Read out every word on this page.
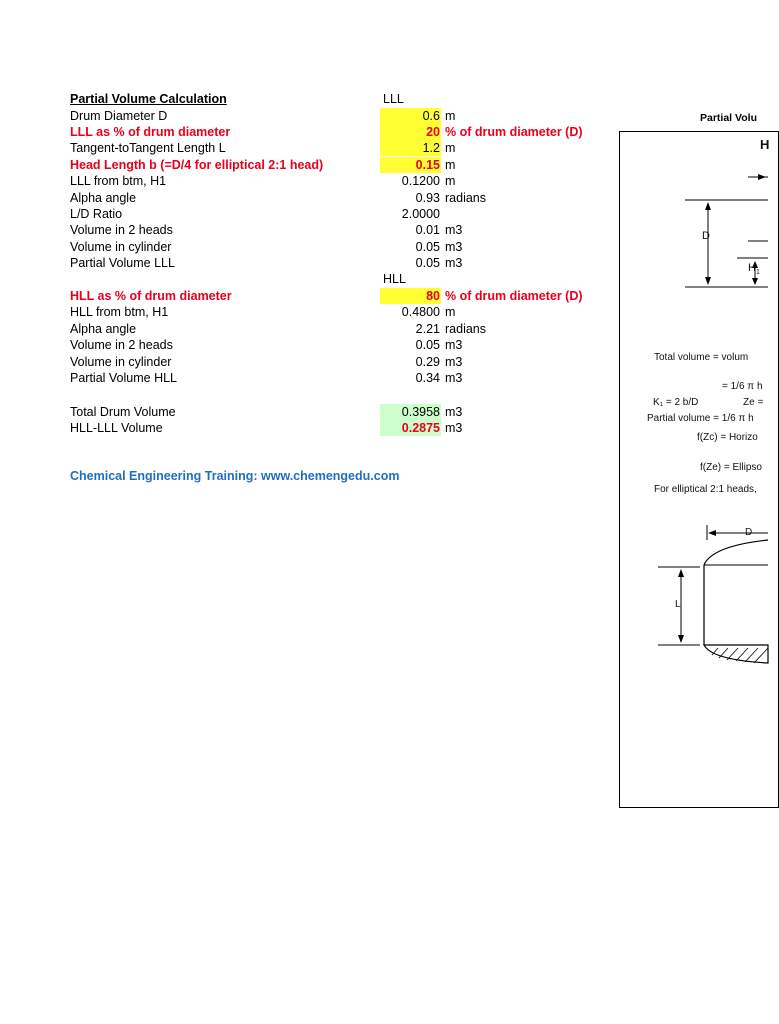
Partial Volume Calculation	LLL
Drum Diameter D	0.6 m
LLL as % of drum diameter	20 % of drum diameter (D)
Tangent-toTangent Length L	1.2 m
Head Length b (=D/4 for elliptical 2:1 head)	0.15 m
LLL from btm, H1	0.1200 m
Alpha angle	0.93 radians
L/D Ratio	2.0000
Volume in 2 heads	0.01 m3
Volume in cylinder	0.05 m3
Partial Volume LLL	0.05 m3
HLL
HLL as % of drum diameter	80 % of drum diameter (D)
HLL from btm, H1	0.4800 m
Alpha angle	2.21 radians
Volume in 2 heads	0.05 m3
Volume in cylinder	0.29 m3
Partial Volume HLL	0.34 m3
Total Drum Volume	0.3958 m3
HLL-LLL Volume	0.2875 m3
Chemical Engineering Training: www.chemengedu.com
Partial Volu
H
D
$H_1$
Total volume = volum
= 1/6 π h
K₁ = 2 b/D	Ze =
Partial volume = 1/6 π h
f(Zc) = Horizo
f(Ze) = Ellipso
For elliptical 2:1 heads,
D
L
